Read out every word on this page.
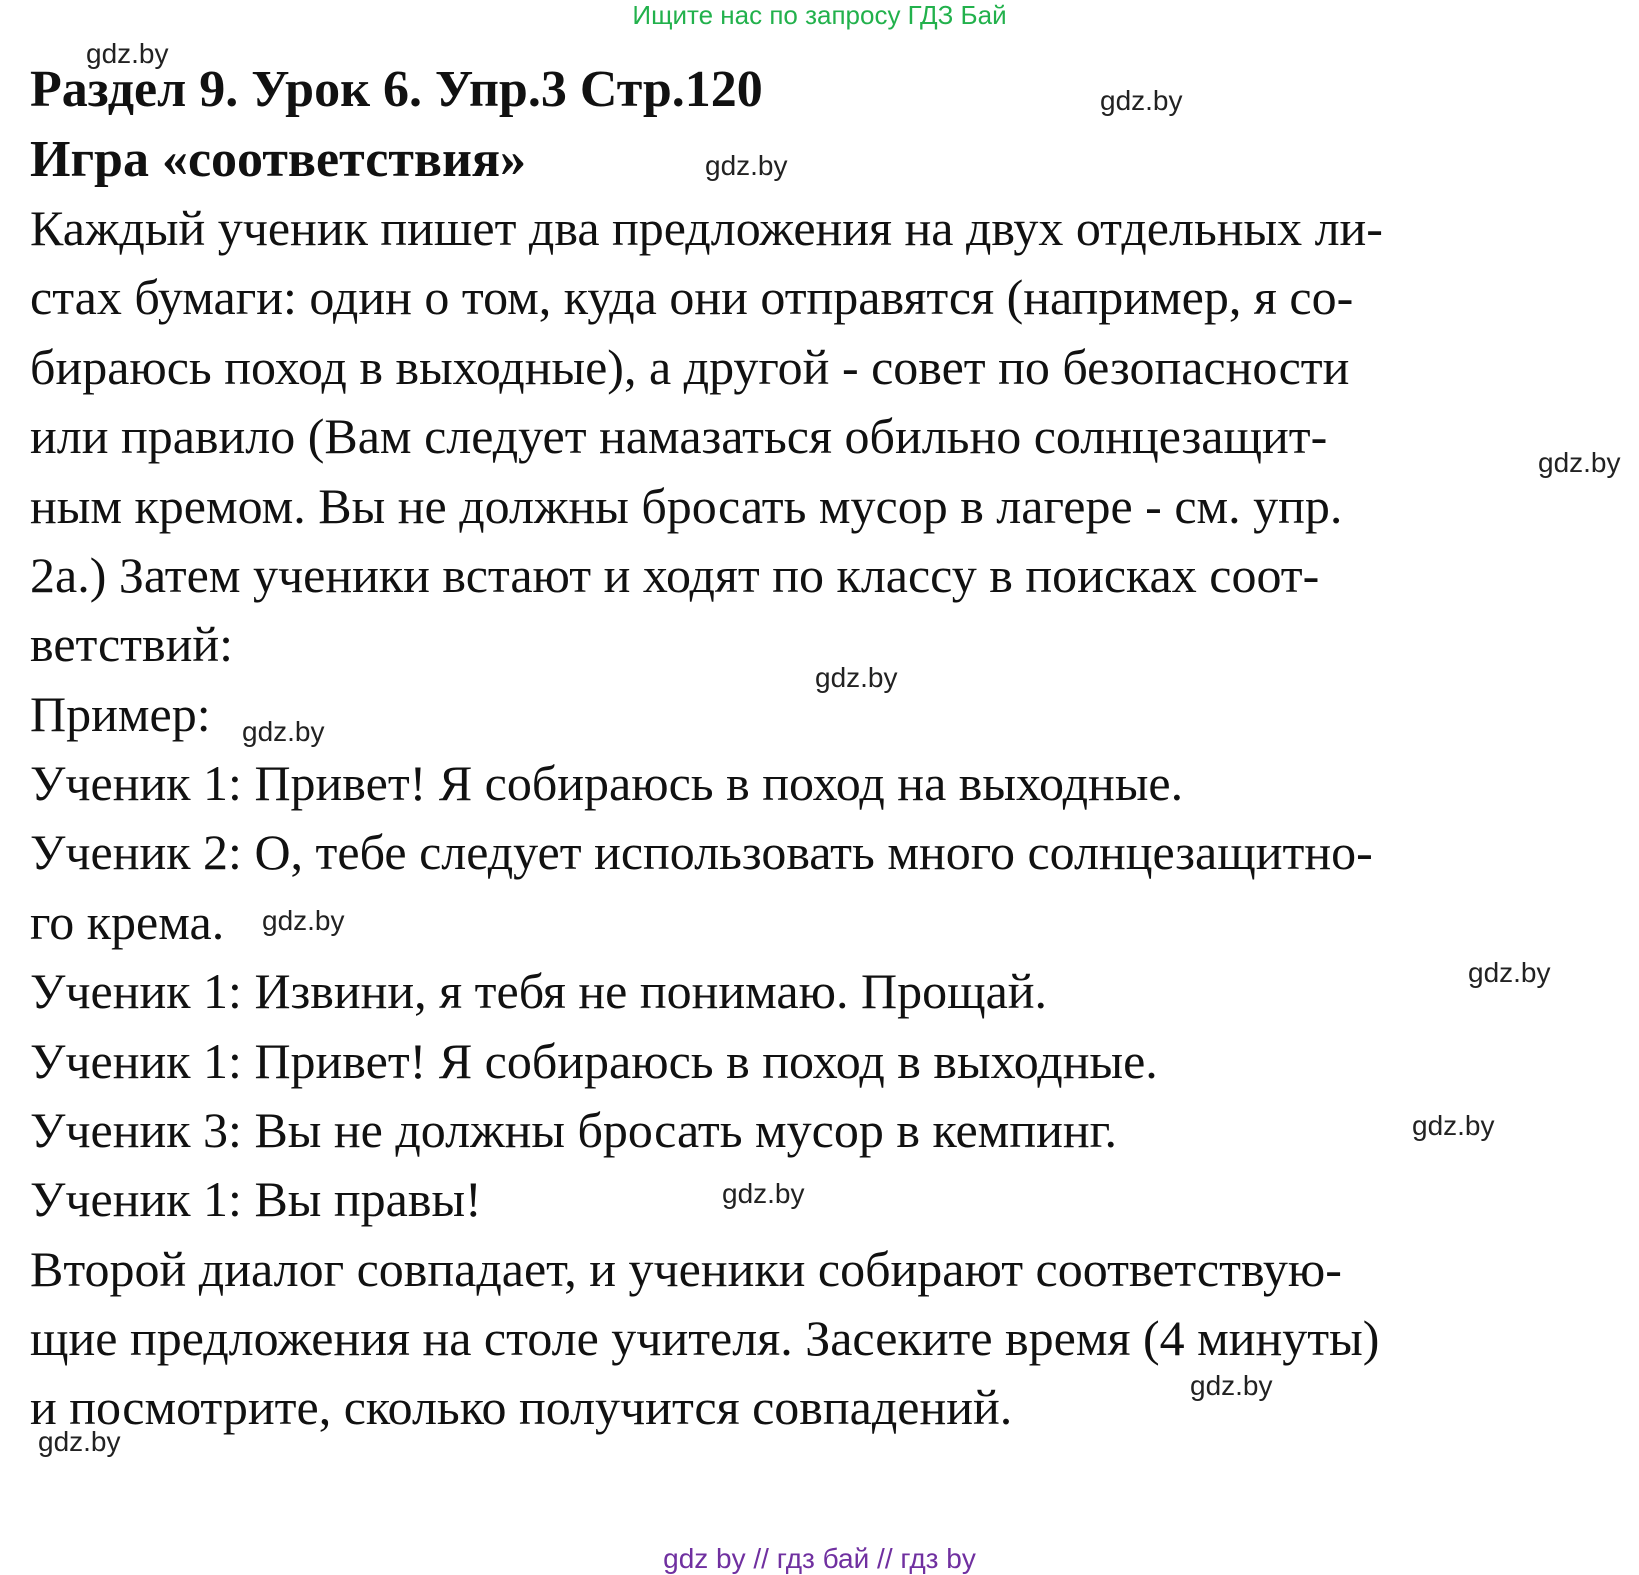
Ищите нас по запросу ГДЗ Бай
Раздел 9. Урок 6. Упр.3 Стр.120
Игра «соответствия»
Каждый ученик пишет два предложения на двух отдельных ли-
стах бумаги: один о том, куда они отправятся (например, я со-
бираюсь поход в выходные), а другой - совет по безопасности
или правило (Вам следует намазаться обильно солнцезащит-
ным кремом. Вы не должны бросать мусор в лагере - см. упр.
2a.) Затем ученики встают и ходят по классу в поисках соот-
ветствий:
Пример:
Ученик 1: Привет! Я собираюсь в поход на выходные.
Ученик 2: О, тебе следует использовать много солнцезащитно-
го крема.
Ученик 1: Извини, я тебя не понимаю. Прощай.
Ученик 1: Привет! Я собираюсь в поход в выходные.
Ученик 3: Вы не должны бросать мусор в кемпинг.
Ученик 1: Вы правы!
Второй диалог совпадает, и ученики собирают соответствую-
щие предложения на столе учителя. Засеките время (4 минуты)
и посмотрите, сколько получится совпадений.
gdz.by
gdz.by
gdz.by
gdz.by
gdz.by
gdz.by
gdz.by
gdz.by
gdz.by
gdz.by
gdz.by
gdz.by
gdz by // гдз бай // гдз by
